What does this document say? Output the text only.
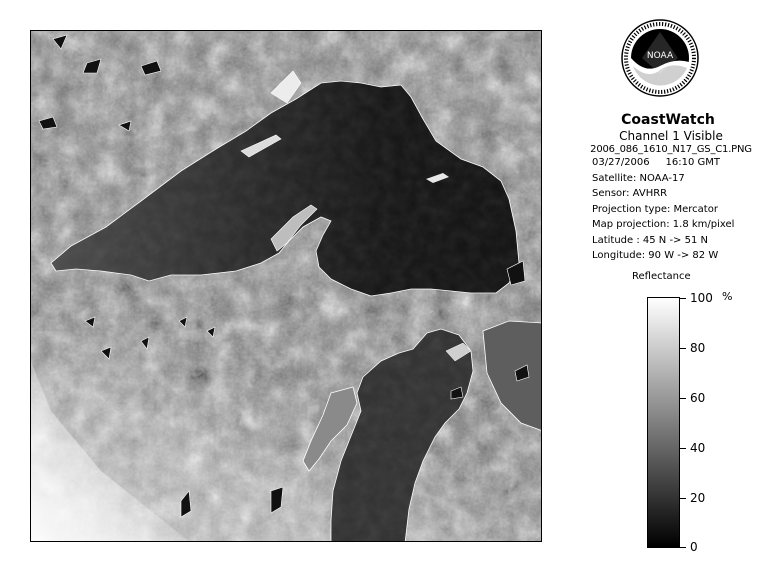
NOAA
CoastWatch
Channel 1 Visible
2006_086_1610_N17_GS_C1.PNG
03/27/2006 16:10 GMT
Satellite: NOAA-17
Sensor: AVHRR
Projection type: Mercator
Map projection: 1.8 km/pixel
Latitude : 45 N -> 51 N
Longitude: 90 W -> 82 W
Reflectance
%
100
80
60
40
20
0
